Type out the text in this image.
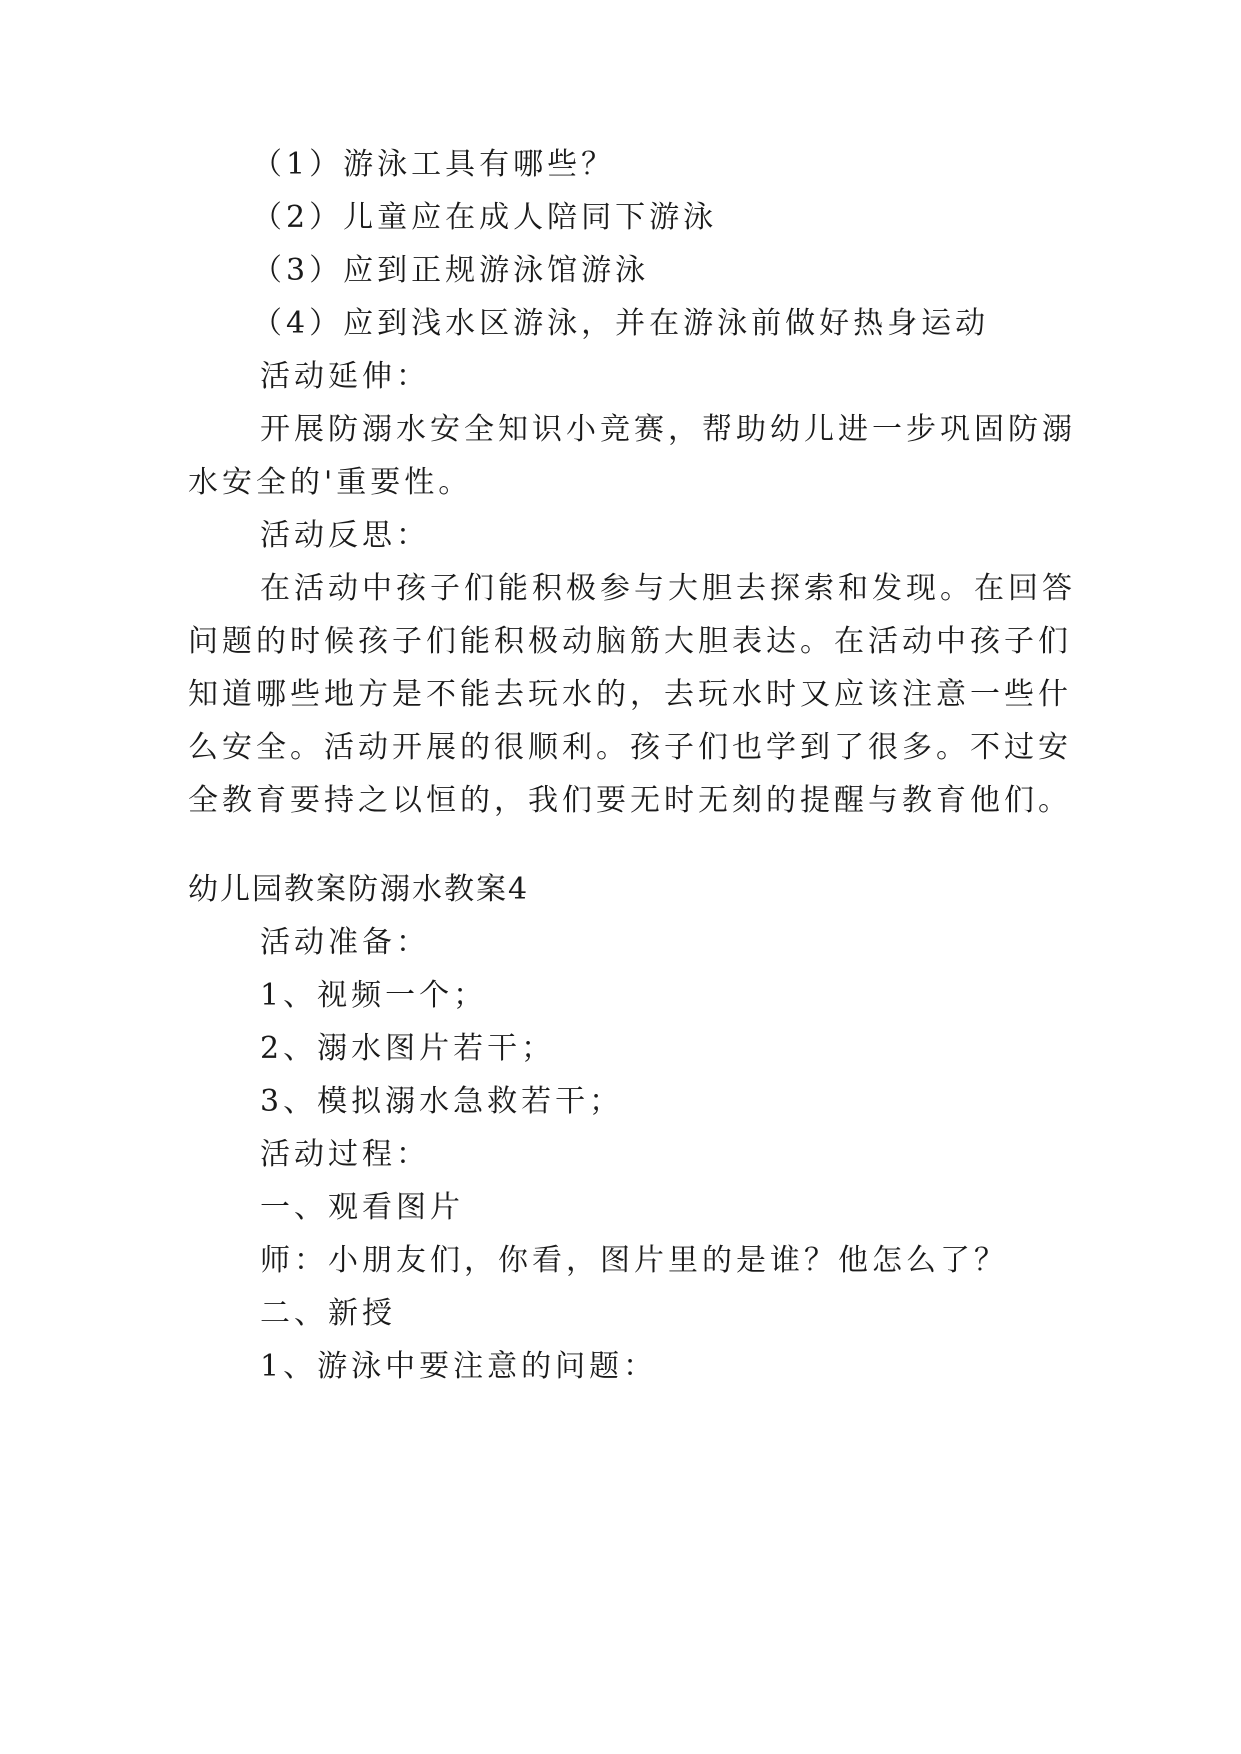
（1）游泳工具有哪些？
（2）儿童应在成人陪同下游泳
（3）应到正规游泳馆游泳
（4）应到浅水区游泳，并在游泳前做好热身运动
活动延伸：
开展防溺水安全知识小竞赛，帮助幼儿进一步巩固防溺
水安全的'重要性。
活动反思：
在活动中孩子们能积极参与大胆去探索和发现。在回答
问题的时候孩子们能积极动脑筋大胆表达。在活动中孩子们
知道哪些地方是不能去玩水的，去玩水时又应该注意一些什
么安全。活动开展的很顺利。孩子们也学到了很多。不过安
全教育要持之以恒的，我们要无时无刻的提醒与教育他们。
幼儿园教案防溺水教案4
活动准备：
1、视频一个；
2、溺水图片若干；
3、模拟溺水急救若干；
活动过程：
一、观看图片
师：小朋友们，你看，图片里的是谁？他怎么了？
二、新授
1、游泳中要注意的问题：
